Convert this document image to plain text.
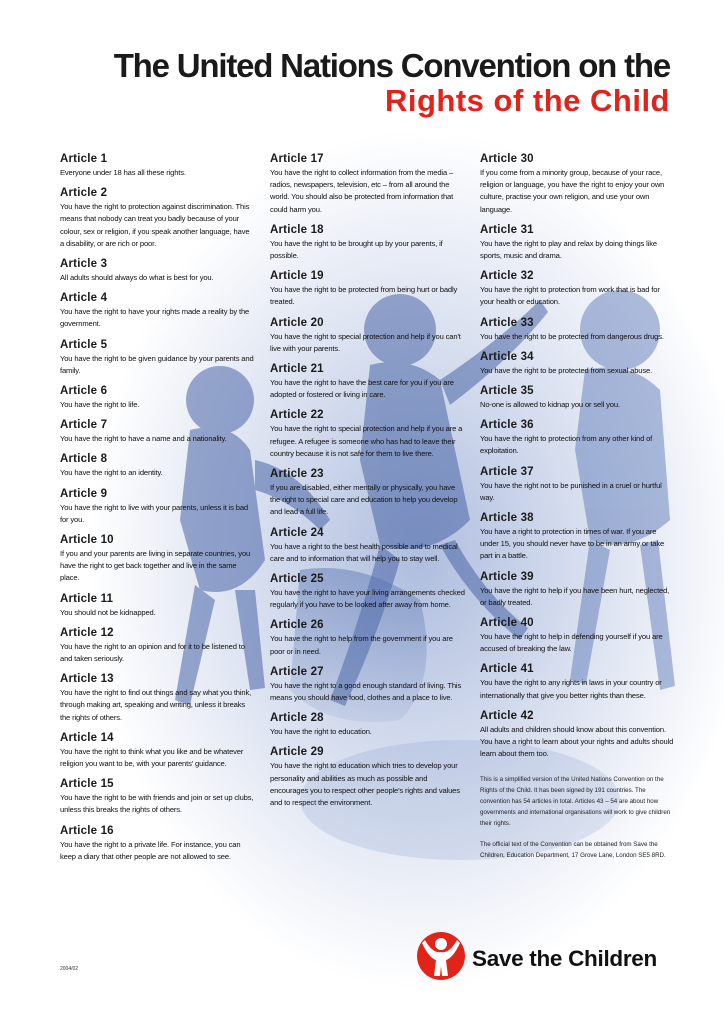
The United Nations Convention on the
Rights of the Child
Article 1
Everyone under 18 has all these rights.
Article 2
You have the right to protection against discrimination. This means that nobody can treat you badly because of your colour, sex or religion, if you speak another language, have a disability, or are rich or poor.
Article 3
All adults should always do what is best for you.
Article 4
You have the right to have your rights made a reality by the government.
Article 5
You have the right to be given guidance by your parents and family.
Article 6
You have the right to life.
Article 7
You have the right to have a name and a nationality.
Article 8
You have the right to an identity.
Article 9
You have the right to live with your parents, unless it is bad for you.
Article 10
If you and your parents are living in separate countries, you have the right to get back together and live in the same place.
Article 11
You should not be kidnapped.
Article 12
You have the right to an opinion and for it to be listened to and taken seriously.
Article 13
You have the right to find out things and say what you think, through making art, speaking and writing, unless it breaks the rights of others.
Article 14
You have the right to think what you like and be whatever religion you want to be, with your parents' guidance.
Article 15
You have the right to be with friends and join or set up clubs, unless this breaks the rights of others.
Article 16
You have the right to a private life. For instance, you can keep a diary that other people are not allowed to see.
Article 17
You have the right to collect information from the media – radios, newspapers, television, etc – from all around the world. You should also be protected from information that could harm you.
Article 18
You have the right to be brought up by your parents, if possible.
Article 19
You have the right to be protected from being hurt or badly treated.
Article 20
You have the right to special protection and help if you can't live with your parents.
Article 21
You have the right to have the best care for you if you are adopted or fostered or living in care.
Article 22
You have the right to special protection and help if you are a refugee. A refugee is someone who has had to leave their country because it is not safe for them to live there.
Article 23
If you are disabled, either mentally or physically, you have the right to special care and education to help you develop and lead a full life.
Article 24
You have a right to the best health possible and to medical care and to information that will help you to stay well.
Article 25
You have the right to have your living arrangements checked regularly if you have to be looked after away from home.
Article 26
You have the right to help from the government if you are poor or in need.
Article 27
You have the right to a good enough standard of living. This means you should have food, clothes and a place to live.
Article 28
You have the right to education.
Article 29
You have the right to education which tries to develop your personality and abilities as much as possible and encourages you to respect other people's rights and values and to respect the environment.
Article 30
If you come from a minority group, because of your race, religion or language, you have the right to enjoy your own culture, practise your own religion, and use your own language.
Article 31
You have the right to play and relax by doing things like sports, music and drama.
Article 32
You have the right to protection from work that is bad for your health or education.
Article 33
You have the right to be protected from dangerous drugs.
Article 34
You have the right to be protected from sexual abuse.
Article 35
No-one is allowed to kidnap you or sell you.
Article 36
You have the right to protection from any other kind of exploitation.
Article 37
You have the right not to be punished in a cruel or hurtful way.
Article 38
You have a right to protection in times of war. If you are under 15, you should never have to be in an army or take part in a battle.
Article 39
You have the right to help if you have been hurt, neglected, or badly treated.
Article 40
You have the right to help in defending yourself if you are accused of breaking the law.
Article 41
You have the right to any rights in laws in your country or internationally that give you better rights than these.
Article 42
All adults and children should know about this convention. You have a right to learn about your rights and adults should learn about them too.

This is a simplified version of the United Nations Convention on the Rights of the Child. It has been signed by 191 countries. The convention has 54 articles in total. Articles 43 – 54 are about how governments and international organisations will work to give children their rights.

The official text of the Convention can be obtained from Save the Children, Education Department, 17 Grove Lane, London SE5 8RD.

2004/02	Save the Children
